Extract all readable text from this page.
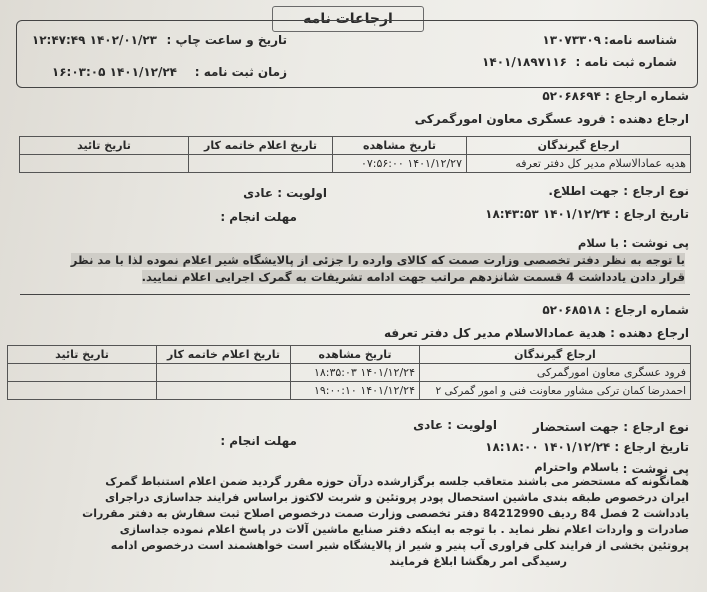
ارجاعات نامه
شناسه نامه:
۱۳۰۷۳۳۰۹
تاریخ و ساعت چاپ :
۱۴۰۲/۰۱/۲۳ ۱۲:۴۷:۴۹
شماره ثبت نامه :
۱۴۰۱/۱۸۹۷۱۱۶
زمان ثبت نامه :
۱۴۰۱/۱۲/۲۴ ۱۶:۰۳:۰۵
شماره ارجاع : ۵۲۰۶۸۶۹۴
ارجاع دهنده : فرود عسگری معاون امورگمرکی
ارجاع گیرندگان	تاریخ مشاهده	تاریخ اعلام خاتمه کار	تاریخ تائید
هدیه عمادالاسلام مدیر کل دفتر تعرفه	۱۴۰۱/۱۲/۲۷ ۰۷:۵۶:۰۰		
نوع ارجاع : جهت اطلاع.
اولویت : عادی
تاریخ ارجاع : ۱۴۰۱/۱۲/۲۴ ۱۸:۴۳:۵۳
مهلت انجام :
پی نوشت :
با سلام
با توجه به نظر دفتر تخصصی وزارت صمت که کالای وارده را جزئی از پالایشگاه شیر اعلام نموده لذا با مد نظر
قرار دادن یادداشت 4 قسمت شانزدهم مراتب جهت ادامه تشریفات به گمرک اجرایی اعلام نمایید.
شماره ارجاع : ۵۲۰۶۸۵۱۸
ارجاع دهنده : هدیة عمادالاسلام مدیر کل دفتر تعرفه
ارجاع گیرندگان	تاریخ مشاهده	تاریخ اعلام خاتمه کار	تاریخ تائید
فرود عسگری معاون امورگمرکی	۱۴۰۱/۱۲/۲۴ ۱۸:۳۵:۰۳		
احمدرضا کمان ترکی مشاور معاونت فنی و امور گمرکی ۲	۱۴۰۱/۱۲/۲۴ ۱۹:۰۰:۱۰		
اولویت : عادی	نوع ارجاع : جهت استحضار
مهلت انجام :	تاریخ ارجاع : ۱۴۰۱/۱۲/۲۴ ۱۸:۱۸:۰۰
پی نوشت :
باسلام واحترام
همانگونه که مستحضر می باشند متعاقب جلسه برگزارشده درآن حوزه مقرر گردید ضمن اعلام استنباط گمرک
ایران درخصوص طبقه بندی ماشین استحصال پودر پروتئین و شربت لاکتوز براساس فرایند جداسازی دراجرای
یادداشت 2 فصل 84 ردیف 84212990 دفتر تخصصی وزارت صمت درخصوص اصلاح ثبت سفارش به دفتر مقررات
صادرات و واردات اعلام نظر نماید . با توجه به اینکه دفتر صنایع ماشین آلات در پاسخ اعلام نموده جداسازی
پروتئین بخشی از فرایند کلی فراوری آب پنیر و شیر از پالایشگاه شیر است خواهشمند است درخصوص ادامه
رسیدگی امر رهگشا ابلاغ فرمایند
